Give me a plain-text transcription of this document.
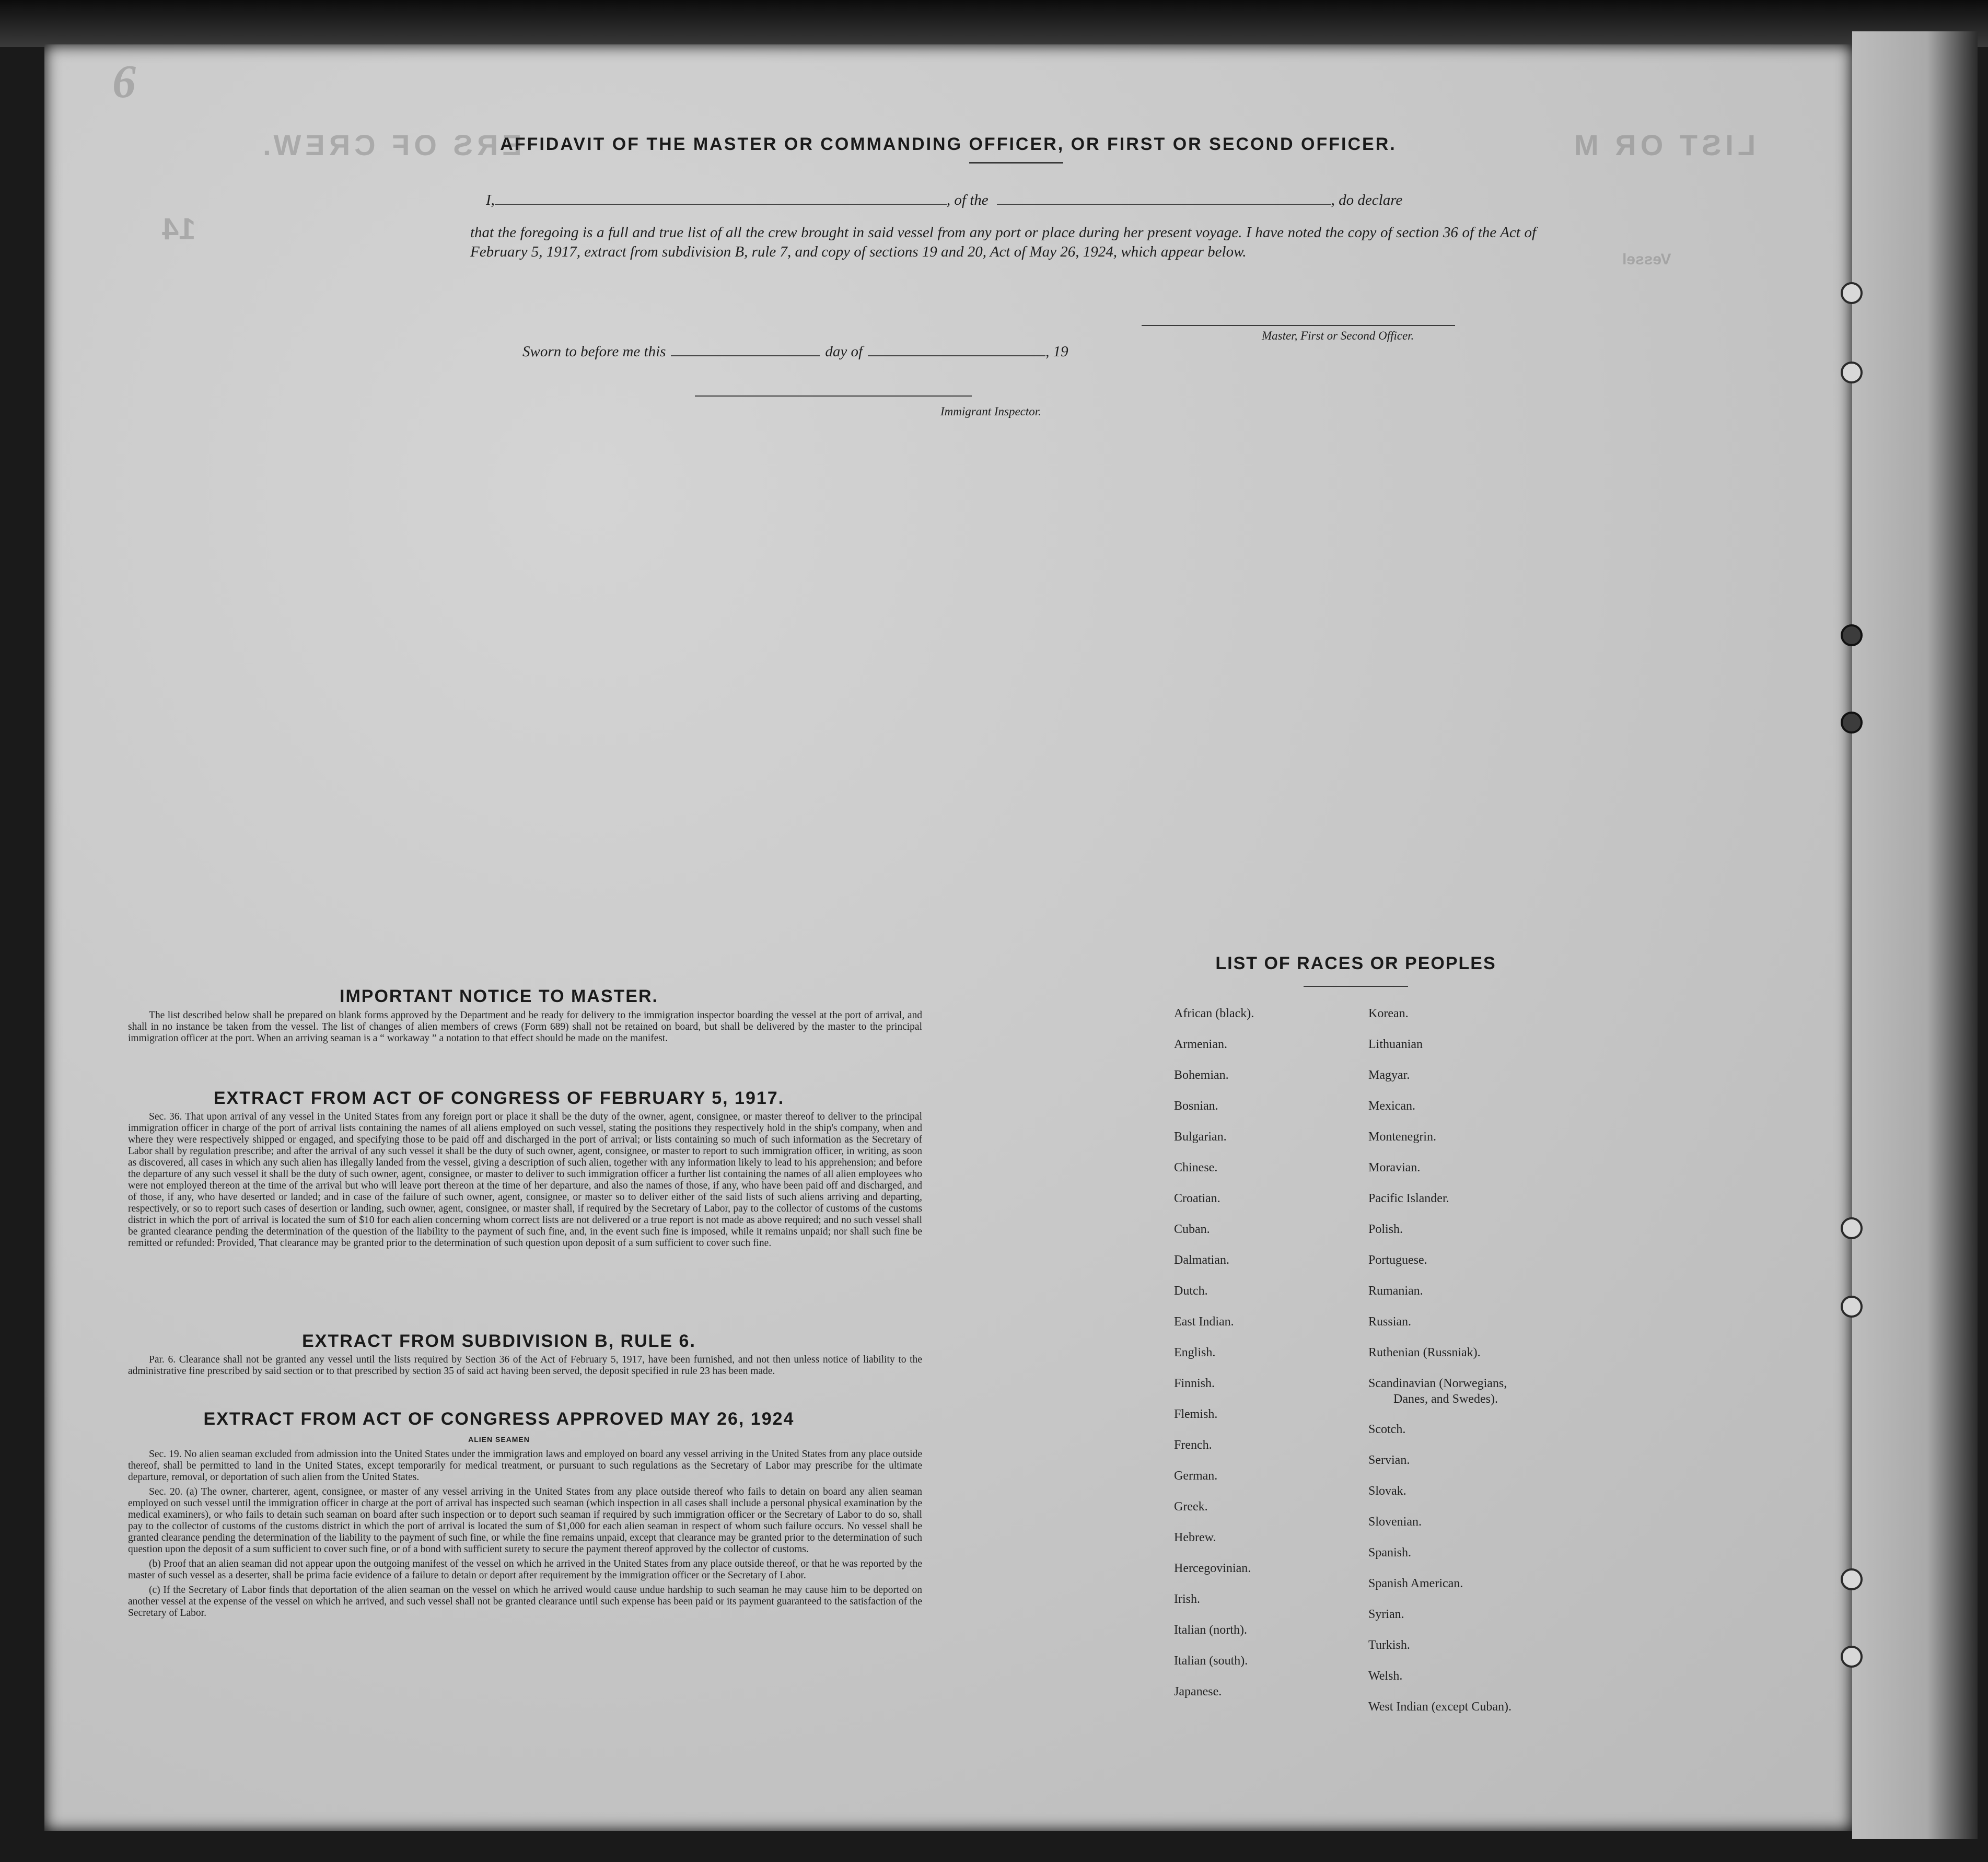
6
LIST OR M
ERS OF CREW.
Vessel
14
AFFIDAVIT OF THE MASTER OR COMMANDING OFFICER, OR FIRST OR SECOND OFFICER.
I,	, of the	, do declare
that the foregoing is a full and true list of all the crew brought in said vessel from any port or place during her present voyage. I have noted the copy of section 36 of the Act of February 5, 1917, extract from subdivision B, rule 7, and copy of sections 19 and 20, Act of May 26, 1924, which appear below.
Master, First or Second Officer.
Sworn to before me this	day of	, 19
Immigrant Inspector.
IMPORTANT NOTICE TO MASTER.

The list described below shall be prepared on blank forms approved by the Department and be ready for delivery to the immigration inspector boarding the vessel at the port of arrival, and shall in no instance be taken from the vessel. The list of changes of alien members of crews (Form 689) shall not be retained on board, but shall be delivered by the master to the principal immigration officer at the port. When an arriving seaman is a “ workaway ” a notation to that effect should be made on the manifest.

EXTRACT FROM ACT OF CONGRESS OF FEBRUARY 5, 1917.

Sec. 36. That upon arrival of any vessel in the United States from any foreign port or place it shall be the duty of the owner, agent, consignee, or master thereof to deliver to the principal immigration officer in charge of the port of arrival lists containing the names of all aliens employed on such vessel, stating the positions they respectively hold in the ship's company, when and where they were respectively shipped or engaged, and specifying those to be paid off and discharged in the port of arrival; or lists containing so much of such information as the Secretary of Labor shall by regulation prescribe; and after the arrival of any such vessel it shall be the duty of such owner, agent, consignee, or master to report to such immigration officer, in writing, as soon as discovered, all cases in which any such alien has illegally landed from the vessel, giving a description of such alien, together with any information likely to lead to his apprehension; and before the departure of any such vessel it shall be the duty of such owner, agent, consignee, or master to deliver to such immigration officer a further list containing the names of all alien employees who were not employed thereon at the time of the arrival but who will leave port thereon at the time of her departure, and also the names of those, if any, who have been paid off and discharged, and of those, if any, who have deserted or landed; and in case of the failure of such owner, agent, consignee, or master so to deliver either of the said lists of such aliens arriving and departing, respectively, or so to report such cases of desertion or landing, such owner, agent, consignee, or master shall, if required by the Secretary of Labor, pay to the collector of customs of the customs district in which the port of arrival is located the sum of $10 for each alien concerning whom correct lists are not delivered or a true report is not made as above required; and no such vessel shall be granted clearance pending the determination of the question of the liability to the payment of such fine, and, in the event such fine is imposed, while it remains unpaid; nor shall such fine be remitted or refunded: Provided, That clearance may be granted prior to the determination of such question upon deposit of a sum sufficient to cover such fine.

EXTRACT FROM SUBDIVISION B, RULE 6.

Par. 6. Clearance shall not be granted any vessel until the lists required by Section 36 of the Act of February 5, 1917, have been furnished, and not then unless notice of liability to the administrative fine prescribed by said section or to that prescribed by section 35 of said act having been served, the deposit specified in rule 23 has been made.

EXTRACT FROM ACT OF CONGRESS APPROVED MAY 26, 1924
ALIEN SEAMEN

Sec. 19. No alien seaman excluded from admission into the United States under the immigration laws and employed on board any vessel arriving in the United States from any place outside thereof, shall be permitted to land in the United States, except temporarily for medical treatment, or pursuant to such regulations as the Secretary of Labor may prescribe for the ultimate departure, removal, or deportation of such alien from the United States.

Sec. 20. (a) The owner, charterer, agent, consignee, or master of any vessel arriving in the United States from any place outside thereof who fails to detain on board any alien seaman employed on such vessel until the immigration officer in charge at the port of arrival has inspected such seaman (which inspection in all cases shall include a personal physical examination by the medical examiners), or who fails to detain such seaman on board after such inspection or to deport such seaman if required by such immigration officer or the Secretary of Labor to do so, shall pay to the collector of customs of the customs district in which the port of arrival is located the sum of $1,000 for each alien seaman in respect of whom such failure occurs. No vessel shall be granted clearance pending the determination of the liability to the payment of such fine, or while the fine remains unpaid, except that clearance may be granted prior to the determination of such question upon the deposit of a sum sufficient to cover such fine, or of a bond with sufficient surety to secure the payment thereof approved by the collector of customs.

(b) Proof that an alien seaman did not appear upon the outgoing manifest of the vessel on which he arrived in the United States from any place outside thereof, or that he was reported by the master of such vessel as a deserter, shall be prima facie evidence of a failure to detain or deport after requirement by the immigration officer or the Secretary of Labor.

(c) If the Secretary of Labor finds that deportation of the alien seaman on the vessel on which he arrived would cause undue hardship to such seaman he may cause him to be deported on another vessel at the expense of the vessel on which he arrived, and such vessel shall not be granted clearance until such expense has been paid or its payment guaranteed to the satisfaction of the Secretary of Labor.

LIST OF RACES OR PEOPLES
African (black).
Armenian.
Bohemian.
Bosnian.
Bulgarian.
Chinese.
Croatian.
Cuban.
Dalmatian.
Dutch.
East Indian.
English.
Finnish.
Flemish.
French.
German.
Greek.
Hebrew.
Hercegovinian.
Irish.
Italian (north).
Italian (south).
Japanese.
Korean.
Lithuanian
Magyar.
Mexican.
Montenegrin.
Moravian.
Pacific Islander.
Polish.
Portuguese.
Rumanian.
Russian.
Ruthenian (Russniak).
Scandinavian (Norwegians,
Danes, and Swedes).
Scotch.
Servian.
Slovak.
Slovenian.
Spanish.
Spanish American.
Syrian.
Turkish.
Welsh.
West Indian (except Cuban).
